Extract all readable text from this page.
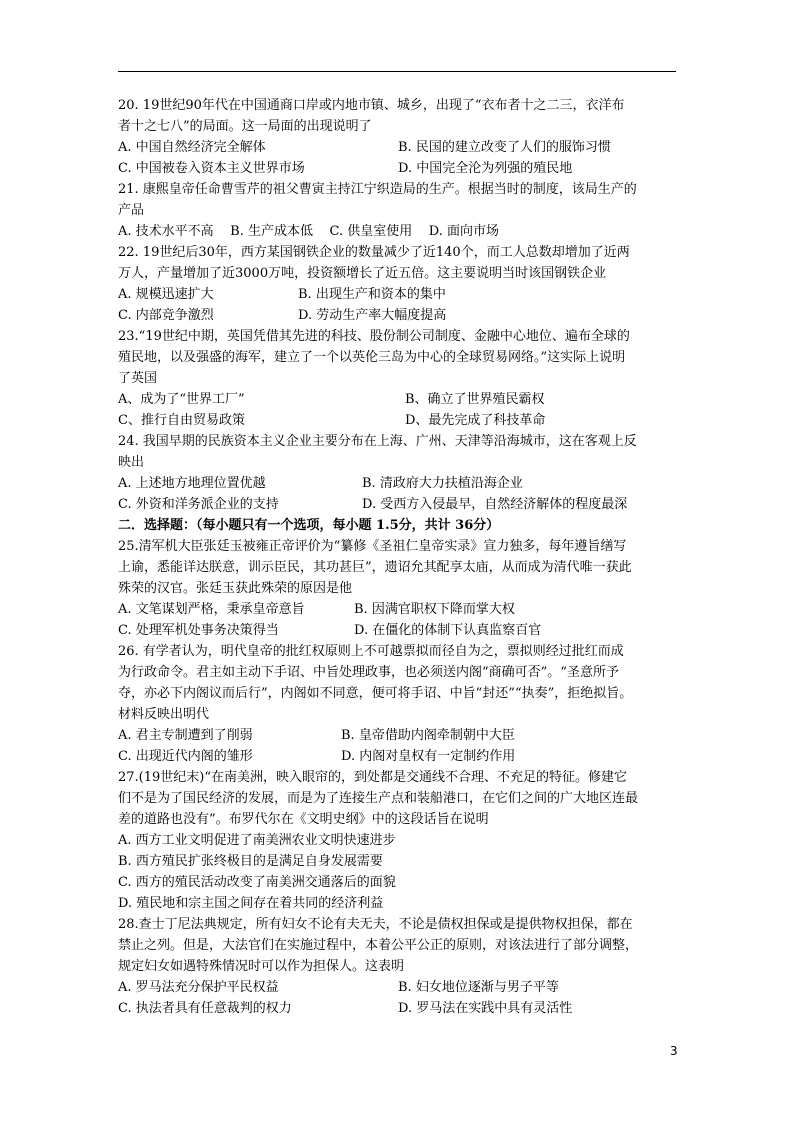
20. 19世纪90年代在中国通商口岸或内地市镇、城乡，出现了“衣布者十之二三，衣洋布

者十之七八”的局面。这一局面的出现说明了

A. 中国自然经济完全解体	B. 民国的建立改变了人们的服饰习惯
C. 中国被卷入资本主义世界市场	D. 中国完全沦为列强的殖民地

21. 康熙皇帝任命曹雪芹的祖父曹寅主持江宁织造局的生产。根据当时的制度，该局生产的

产品

A. 技术水平不高    B. 生产成本低    C. 供皇室使用    D. 面向市场

22. 19世纪后30年，西方某国钢铁企业的数量减少了近140个，而工人总数却增加了近两

万人，产量增加了近3000万吨，投资额增长了近五倍。这主要说明当时该国钢铁企业

A. 规模迅速扩大	B. 出现生产和资本的集中
C. 内部竞争激烈	D. 劳动生产率大幅度提高

23.“19世纪中期，英国凭借其先进的科技、股份制公司制度、金融中心地位、遍布全球的

殖民地，以及强盛的海军，建立了一个以英伦三岛为中心的全球贸易网络。”这实际上说明

了英国

A、成为了“世界工厂”	B、确立了世界殖民霸权
C、推行自由贸易政策	D、最先完成了科技革命

24. 我国早期的民族资本主义企业主要分布在上海、广州、天津等沿海城市，这在客观上反

映出

A. 上述地方地理位置优越	B. 清政府大力扶植沿海企业
C. 外资和洋务派企业的支持	D. 受西方入侵最早，自然经济解体的程度最深

二．选择题：（每小题只有一个选项，每小题 1.5分，共计 36分）

25.清军机大臣张廷玉被雍正帝评价为“纂修《圣祖仁皇帝实录》宣力独多，每年遵旨缮写

上谕，悉能详达朕意，训示臣民，其功甚巨”，遗诏允其配享太庙，从而成为清代唯一获此

殊荣的汉官。张廷玉获此殊荣的原因是他

A. 文笔谋划严格，秉承皇帝意旨	B. 因满官职权下降而掌大权
C. 处理军机处事务决策得当	D. 在僵化的体制下认真监察百官

26. 有学者认为，明代皇帝的批红权原则上不可越票拟而径自为之，票拟则经过批红而成

为行政命令。君主如主动下手诏、中旨处理政事，也必须送内阁“商确可否”。“圣意所予

夺，亦必下内阁议而后行”，内阁如不同意，便可将手诏、中旨“封还”“执奏”，拒绝拟旨。

材料反映出明代

A. 君主专制遭到了削弱	B. 皇帝借助内阁牵制朝中大臣
C. 出现近代内阁的雏形	D. 内阁对皇权有一定制约作用

27.(19世纪末)“在南美洲，映入眼帘的，到处都是交通线不合理、不充足的特征。修建它

们不是为了国民经济的发展，而是为了连接生产点和装船港口，在它们之间的广大地区连最

差的道路也没有”。布罗代尔在《文明史纲》中的这段话旨在说明

A. 西方工业文明促进了南美洲农业文明快速进步

B. 西方殖民扩张终极目的是满足自身发展需要

C. 西方的殖民活动改变了南美洲交通落后的面貌

D. 殖民地和宗主国之间存在着共同的经济利益

28.查士丁尼法典规定，所有妇女不论有夫无夫，不论是债权担保或是提供物权担保，都在

禁止之列。但是，大法官们在实施过程中，本着公平公正的原则，对该法进行了部分调整，

规定妇女如遇特殊情况时可以作为担保人。这表明

A. 罗马法充分保护平民权益	B. 妇女地位逐渐与男子平等
C. 执法者具有任意裁判的权力	D. 罗马法在实践中具有灵活性
3
